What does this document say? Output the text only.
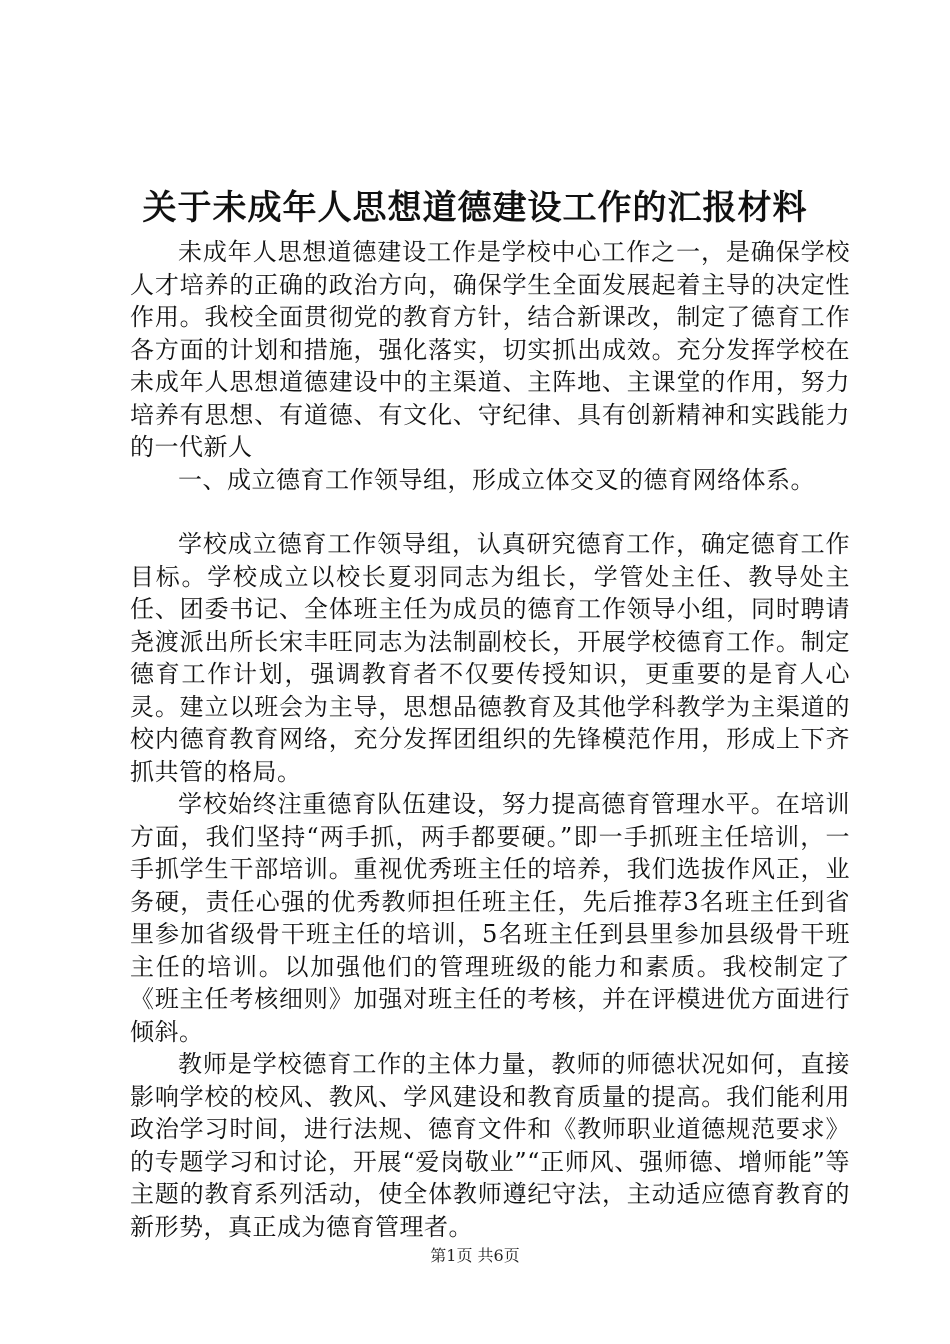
关于未成年人思想道德建设工作的汇报材料

未成年人思想道德建设工作是学校中心工作之一，是确保学校人才培养的正确的政治方向，确保学生全面发展起着主导的决定性作用。我校全面贯彻党的教育方针，结合新课改，制定了德育工作各方面的计划和措施，强化落实，切实抓出成效。充分发挥学校在未成年人思想道德建设中的主渠道、主阵地、主课堂的作用，努力培养有思想、有道德、有文化、守纪律、具有创新精神和实践能力的一代新人

一、成立德育工作领导组，形成立体交叉的德育网络体系。

学校成立德育工作领导组，认真研究德育工作，确定德育工作目标。学校成立以校长夏羽同志为组长，学管处主任、教导处主任、团委书记、全体班主任为成员的德育工作领导小组，同时聘请尧渡派出所长宋丰旺同志为法制副校长，开展学校德育工作。制定德育工作计划，强调教育者不仅要传授知识，更重要的是育人心灵。建立以班会为主导，思想品德教育及其他学科教学为主渠道的校内德育教育网络，充分发挥团组织的先锋模范作用，形成上下齐抓共管的格局。

学校始终注重德育队伍建设，努力提高德育管理水平。在培训方面，我们坚持“两手抓，两手都要硬。”即一手抓班主任培训，一手抓学生干部培训。重视优秀班主任的培养，我们选拔作风正，业务硬，责任心强的优秀教师担任班主任，先后推荐3名班主任到省里参加省级骨干班主任的培训，5名班主任到县里参加县级骨干班主任的培训。以加强他们的管理班级的能力和素质。我校制定了《班主任考核细则》加强对班主任的考核，并在评模进优方面进行倾斜。

教师是学校德育工作的主体力量，教师的师德状况如何，直接影响学校的校风、教风、学风建设和教育质量的提高。我们能利用政治学习时间，进行法规、德育文件和《教师职业道德规范要求》的专题学习和讨论，开展“爱岗敬业”“正师风、强师德、增师能”等主题的教育系列活动，使全体教师遵纪守法，主动适应德育教育的新形势，真正成为德育管理者。

第1页 共6页
